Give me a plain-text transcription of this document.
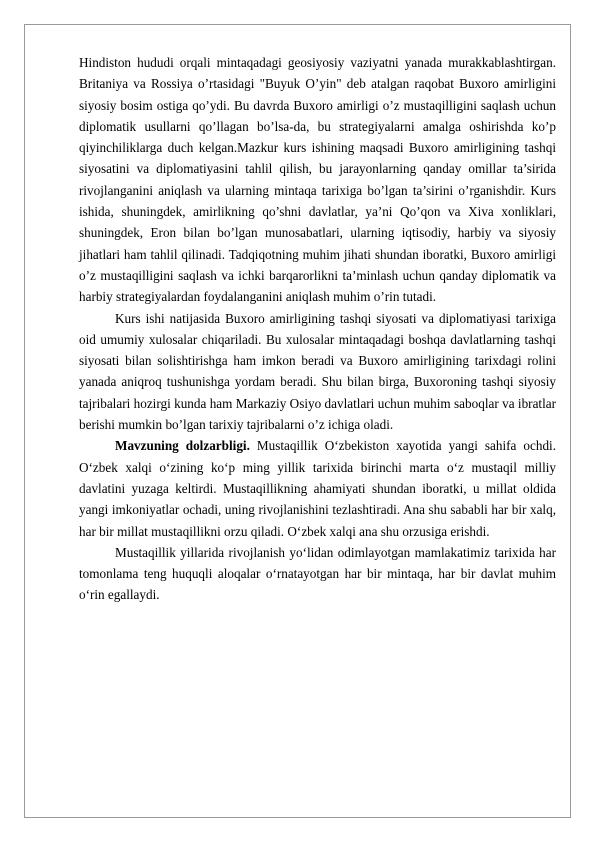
Hindiston hududi orqali mintaqadagi geosiyosiy vaziyatni yanada murakkablashtirgan. Britaniya va Rossiya o’rtasidagi "Buyuk O’yin" deb atalgan raqobat Buxoro amirligini siyosiy bosim ostiga qo’ydi. Bu davrda Buxoro amirligi o’z mustaqilligini saqlash uchun diplomatik usullarni qo’llagan bo’lsa-da, bu strategiyalarni amalga oshirishda ko’p qiyinchiliklarga duch kelgan.Mazkur kurs ishining maqsadi Buxoro amirligining tashqi siyosatini va diplomatiyasini tahlil qilish, bu jarayonlarning qanday omillar ta’sirida rivojlanganini aniqlash va ularning mintaqa tarixiga bo’lgan ta’sirini o’rganishdir. Kurs ishida, shuningdek, amirlikning qo’shni davlatlar, ya’ni Qo’qon va Xiva xonliklari, shuningdek, Eron bilan bo’lgan munosabatlari, ularning iqtisodiy, harbiy va siyosiy jihatlari ham tahlil qilinadi. Tadqiqotning muhim jihati shundan iboratki, Buxoro amirligi o’z mustaqilligini saqlash va ichki barqarorlikni ta’minlash uchun qanday diplomatik va harbiy strategiyalardan foydalanganini aniqlash muhim o’rin tutadi.

Kurs ishi natijasida Buxoro amirligining tashqi siyosati va diplomatiyasi tarixiga oid umumiy xulosalar chiqariladi. Bu xulosalar mintaqadagi boshqa davlatlarning tashqi siyosati bilan solishtirishga ham imkon beradi va Buxoro amirligining tarixdagi rolini yanada aniqroq tushunishga yordam beradi. Shu bilan birga, Buxoroning tashqi siyosiy tajribalari hozirgi kunda ham Markaziy Osiyo davlatlari uchun muhim saboqlar va ibratlar berishi mumkin bo’lgan tarixiy tajribalarni o’z ichiga oladi.

Mavzuning dolzarbligi. Mustaqillik O‘zbekiston xayotida yangi sahifa ochdi. O‘zbek xalqi o‘zining ko‘p ming yillik tarixida birinchi marta o‘z mustaqil milliy davlatini yuzaga keltirdi. Mustaqillikning ahamiyati shundan iboratki, u millat oldida yangi imkoniyatlar ochadi, uning rivojlanishini tezlashtiradi. Ana shu sababli har bir xalq, har bir millat mustaqillikni orzu qiladi. O‘zbek xalqi ana shu orzusiga erishdi.

Mustaqillik yillarida rivojlanish yo‘lidan odimlayotgan mamlakatimiz tarixida har tomonlama teng huquqli aloqalar o‘rnatayotgan har bir mintaqa, har bir davlat muhim o‘rin egallaydi.
